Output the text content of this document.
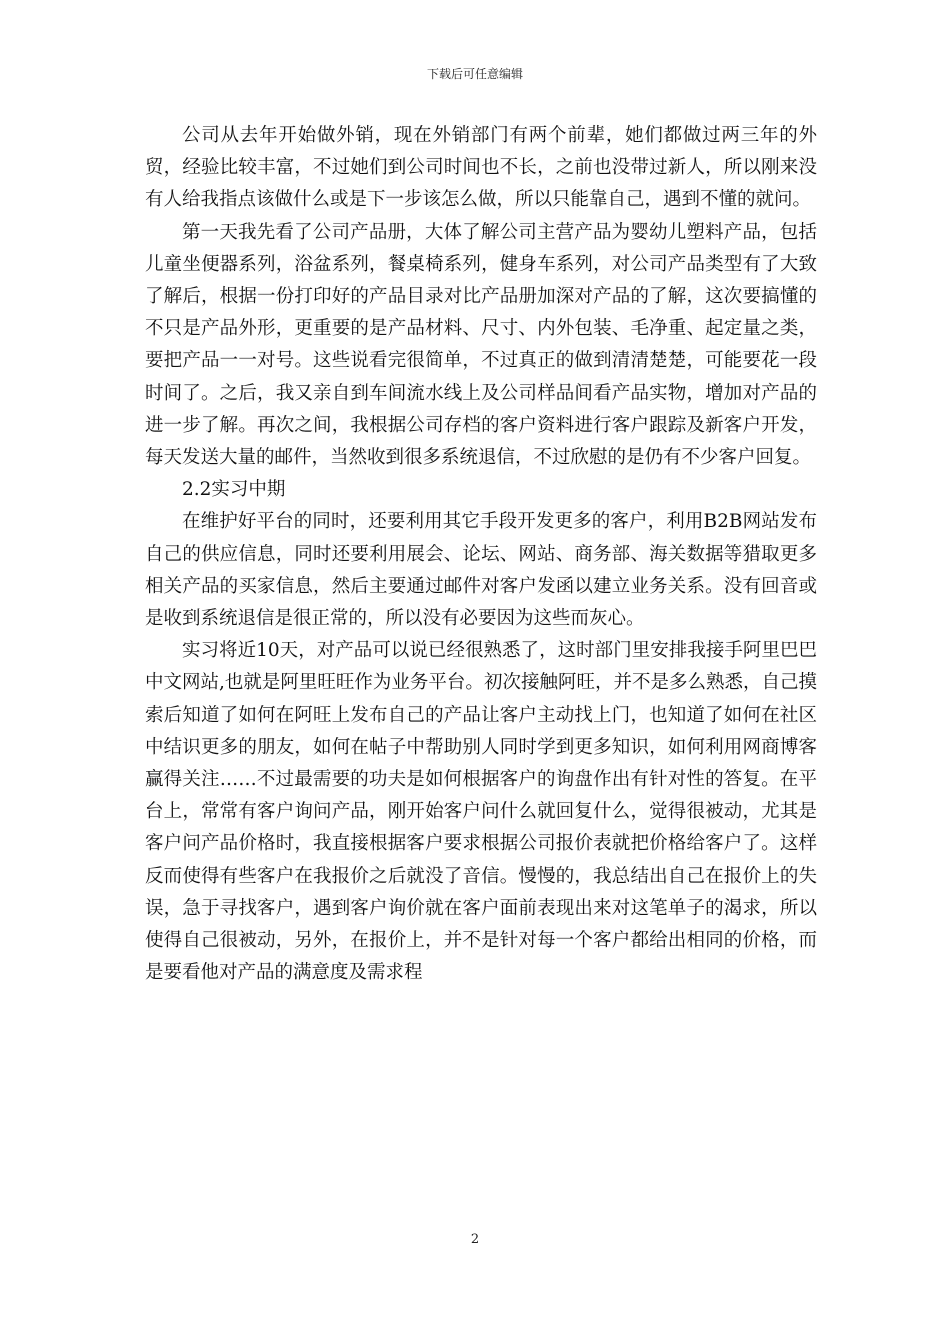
下载后可任意编辑

公司从去年开始做外销，现在外销部门有两个前辈，她们都做过两三年的外贸，经验比较丰富，不过她们到公司时间也不长，之前也没带过新人，所以刚来没有人给我指点该做什么或是下一步该怎么做，所以只能靠自己，遇到不懂的就问。

第一天我先看了公司产品册，大体了解公司主营产品为婴幼儿塑料产品，包括儿童坐便器系列，浴盆系列，餐桌椅系列，健身车系列，对公司产品类型有了大致了解后，根据一份打印好的产品目录对比产品册加深对产品的了解，这次要搞懂的不只是产品外形，更重要的是产品材料、尺寸、内外包装、毛净重、起定量之类，要把产品一一对号。这些说看完很简单，不过真正的做到清清楚楚，可能要花一段时间了。之后，我又亲自到车间流水线上及公司样品间看产品实物，增加对产品的进一步了解。再次之间，我根据公司存档的客户资料进行客户跟踪及新客户开发，每天发送大量的邮件，当然收到很多系统退信，不过欣慰的是仍有不少客户回复。

2.2实习中期

在维护好平台的同时，还要利用其它手段开发更多的客户，利用B2B网站发布自己的供应信息，同时还要利用展会、论坛、网站、商务部、海关数据等猎取更多相关产品的买家信息，然后主要通过邮件对客户发函以建立业务关系。没有回音或是收到系统退信是很正常的，所以没有必要因为这些而灰心。

实习将近10天，对产品可以说已经很熟悉了，这时部门里安排我接手阿里巴巴中文网站,也就是阿里旺旺作为业务平台。初次接触阿旺，并不是多么熟悉，自己摸索后知道了如何在阿旺上发布自己的产品让客户主动找上门，也知道了如何在社区中结识更多的朋友，如何在帖子中帮助别人同时学到更多知识，如何利用网商博客赢得关注……不过最需要的功夫是如何根据客户的询盘作出有针对性的答复。在平台上，常常有客户询问产品，刚开始客户问什么就回复什么，觉得很被动，尤其是客户问产品价格时，我直接根据客户要求根据公司报价表就把价格给客户了。这样反而使得有些客户在我报价之后就没了音信。慢慢的，我总结出自己在报价上的失误，急于寻找客户，遇到客户询价就在客户面前表现出来对这笔单子的渴求，所以使得自己很被动，另外，在报价上，并不是针对每一个客户都给出相同的价格，而是要看他对产品的满意度及需求程

2
